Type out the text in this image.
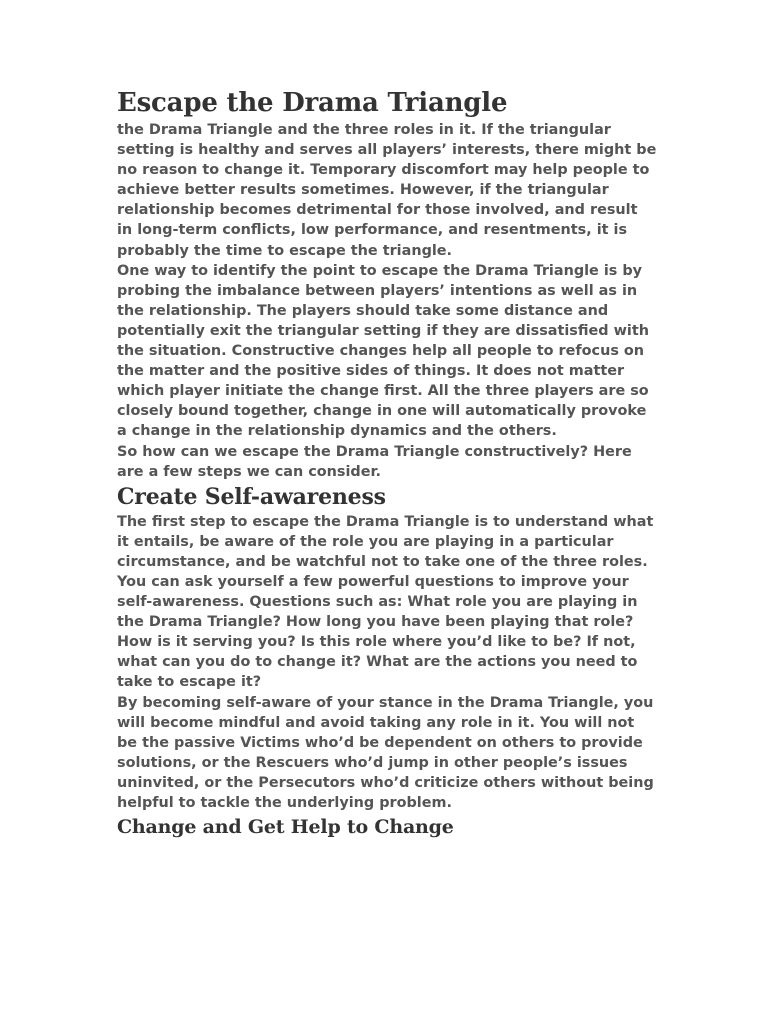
Escape the Drama Triangle

the Drama Triangle and the three roles in it. If the triangular setting is healthy and serves all players’ interests, there might be no reason to change it. Temporary discomfort may help people to achieve better results sometimes. However, if the triangular relationship becomes detrimental for those involved, and result in long-term conflicts, low performance, and resentments, it is probably the time to escape the triangle.

One way to identify the point to escape the Drama Triangle is by probing the imbalance between players’ intentions as well as in the relationship. The players should take some distance and potentially exit the triangular setting if they are dissatisfied with the situation. Constructive changes help all people to refocus on the matter and the positive sides of things. It does not matter which player initiate the change first. All the three players are so closely bound together, change in one will automatically provoke a change in the relationship dynamics and the others.

So how can we escape the Drama Triangle constructively? Here are a few steps we can consider.

Create Self-awareness

The first step to escape the Drama Triangle is to understand what it entails, be aware of the role you are playing in a particular circumstance, and be watchful not to take one of the three roles.

You can ask yourself a few powerful questions to improve your self-awareness. Questions such as: What role you are playing in the Drama Triangle? How long you have been playing that role? How is it serving you? Is this role where you’d like to be? If not, what can you do to change it? What are the actions you need to take to escape it?

By becoming self-aware of your stance in the Drama Triangle, you will become mindful and avoid taking any role in it. You will not be the passive Victims who’d be dependent on others to provide solutions, or the Rescuers who’d jump in other people’s issues uninvited, or the Persecutors who’d criticize others without being helpful to tackle the underlying problem.

Change and Get Help to Change
